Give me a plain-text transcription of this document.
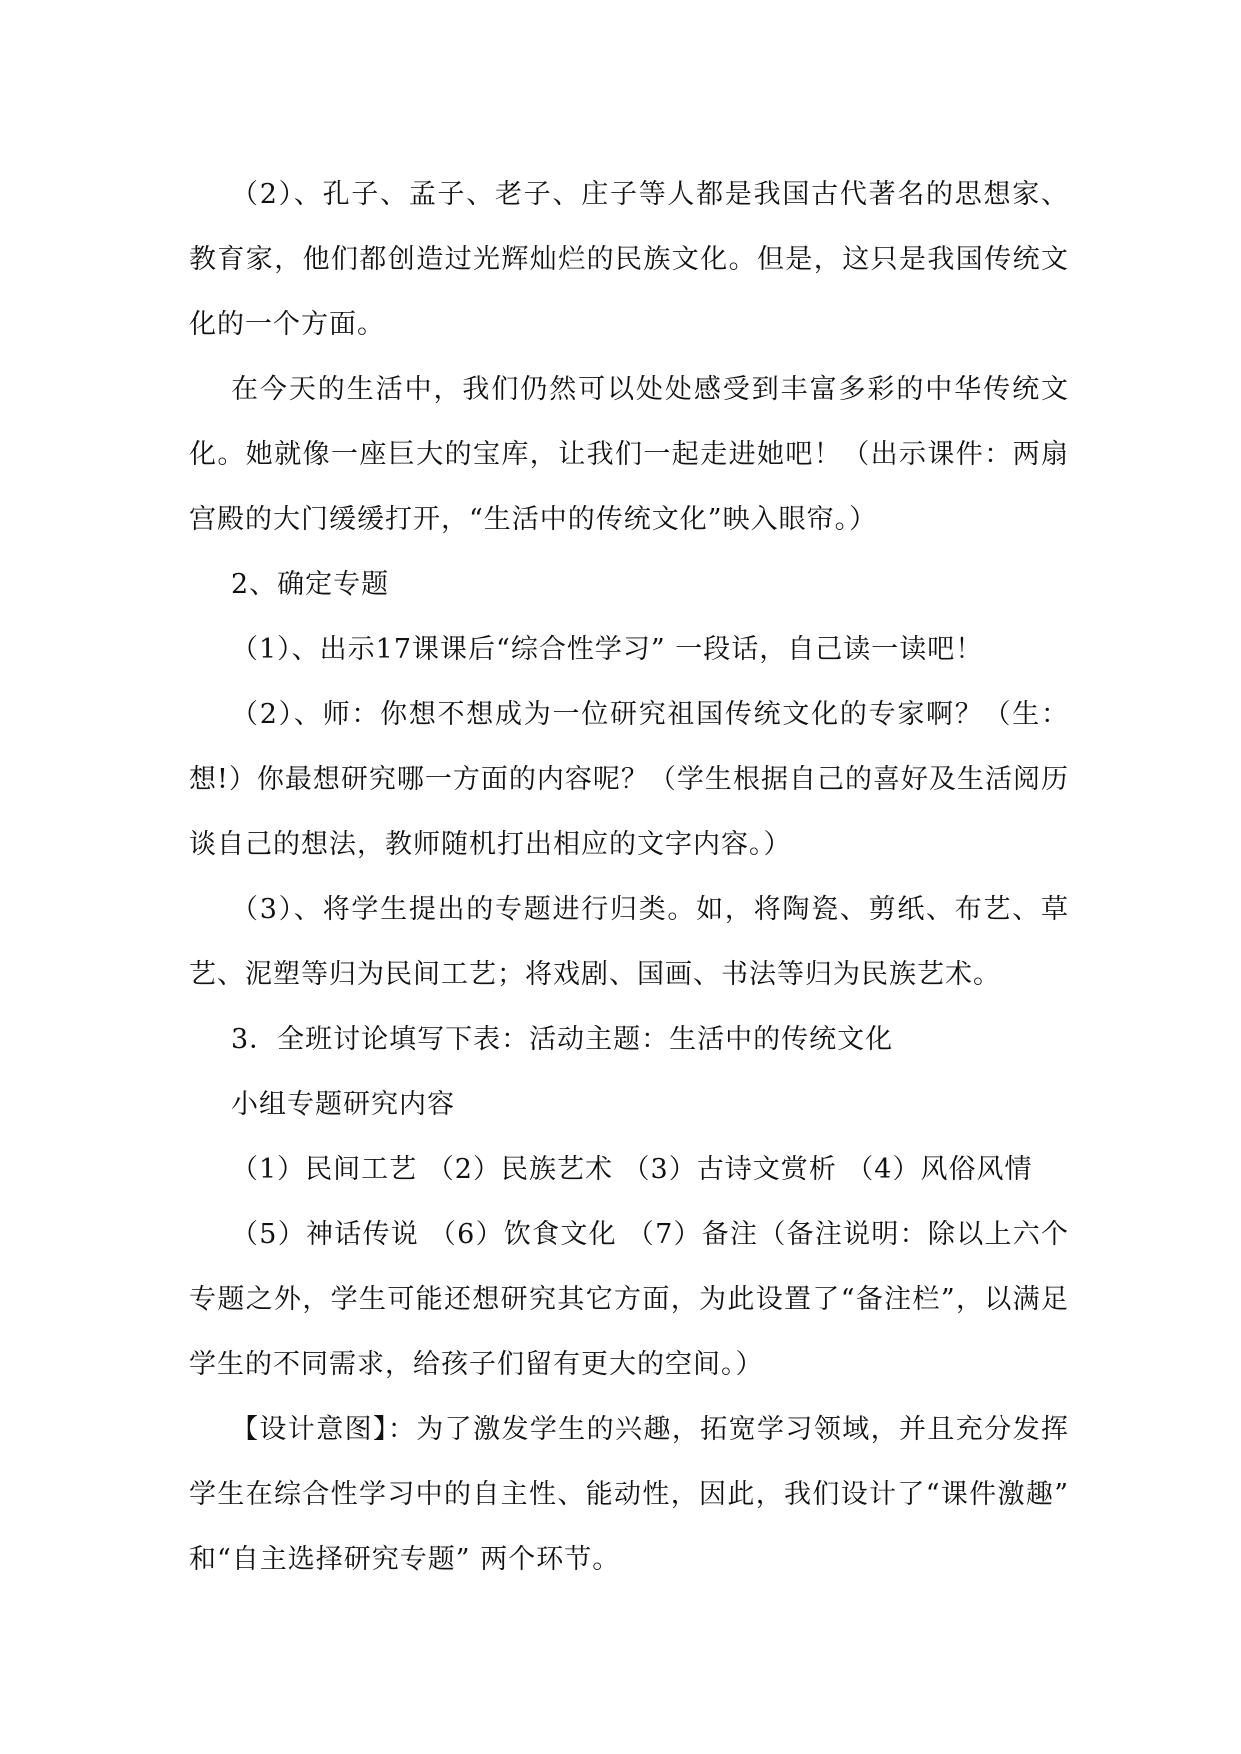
（2）、孔子、孟子、老子、庄子等人都是我国古代著名的思想家、教育家，他们都创造过光辉灿烂的民族文化。但是，这只是我国传统文化的一个方面。

在今天的生活中，我们仍然可以处处感受到丰富多彩的中华传统文化。她就像一座巨大的宝库，让我们一起走进她吧！（出示课件：两扇宫殿的大门缓缓打开，“生活中的传统文化”映入眼帘。）

2、确定专题

（1）、出示17课课后“综合性学习” 一段话，自己读一读吧！

（2）、师：你想不想成为一位研究祖国传统文化的专家啊？（生：想!）你最想研究哪一方面的内容呢？（学生根据自己的喜好及生活阅历谈自己的想法，教师随机打出相应的文字内容。）

（3）、将学生提出的专题进行归类。如，将陶瓷、剪纸、布艺、草艺、泥塑等归为民间工艺；将戏剧、国画、书法等归为民族艺术。

3．全班讨论填写下表：活动主题：生活中的传统文化

小组专题研究内容

（1）民间工艺 （2）民族艺术 （3）古诗文赏析 （4）风俗风情

（5）神话传说 （6）饮食文化 （7）备注（备注说明：除以上六个专题之外，学生可能还想研究其它方面，为此设置了“备注栏”，以满足学生的不同需求，给孩子们留有更大的空间。）

【设计意图】：为了激发学生的兴趣，拓宽学习领域，并且充分发挥学生在综合性学习中的自主性、能动性，因此，我们设计了“课件激趣” 和“自主选择研究专题” 两个环节。
